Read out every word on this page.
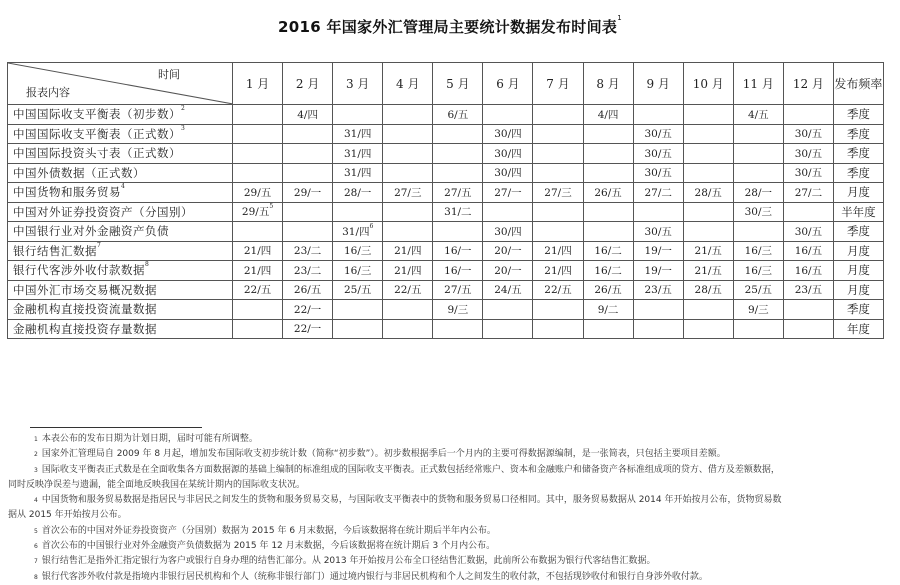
2016 年国家外汇管理局主要统计数据发布时间表$^1$
时间
报表内容	1 月	2 月	3 月	4 月	5 月	6 月	7 月	8 月	9 月	10 月	11 月	12 月	发布频率
中国国际收支平衡表（初步数）$^2$		4/四			6/五			4/四			4/五		季度
中国国际收支平衡表（正式数）$^3$			31/四			30/四			30/五			30/五	季度
中国国际投资头寸表（正式数）			31/四			30/四			30/五			30/五	季度
中国外债数据（正式数）			31/四			30/四			30/五			30/五	季度
中国货物和服务贸易$^4$	29/五	29/一	28/一	27/三	27/五	27/一	27/三	26/五	27/二	28/五	28/一	27/二	月度
中国对外证券投资资产（分国别）	29/五$^5$				31/二						30/三		半年度
中国银行业对外金融资产负债			31/四$^6$			30/四			30/五			30/五	季度
银行结售汇数据$^7$	21/四	23/二	16/三	21/四	16/一	20/一	21/四	16/二	19/一	21/五	16/三	16/五	月度
银行代客涉外收付款数据$^8$	21/四	23/二	16/三	21/四	16/一	20/一	21/四	16/二	19/一	21/五	16/三	16/五	月度
中国外汇市场交易概况数据	22/五	26/五	25/五	22/五	27/五	24/五	22/五	26/五	23/五	28/五	25/五	23/五	月度
金融机构直接投资流量数据		22/一			9/三			9/二			9/三		季度
金融机构直接投资存量数据		22/一											年度
$^1$ 本表公布的发布日期为计划日期，届时可能有所调整。
$^2$ 国家外汇管理局自 2009 年 8 月起，增加发布国际收支初步统计数（简称“初步数”）。初步数根据季后一个月内的主要可得数据源编制，是一张简表，只包括主要项目差额。
$^3$ 国际收支平衡表正式数是在全面收集各方面数据源的基础上编制的标准组成的国际收支平衡表。正式数包括经常账户、资本和金融账户和储备资产各标准组成项的贷方、借方及差额数据，
同时反映净误差与遗漏，能全面地反映我国在某统计期内的国际收支状况。
$^4$ 中国货物和服务贸易数据是指居民与非居民之间发生的货物和服务贸易交易，与国际收支平衡表中的货物和服务贸易口径相同。其中，服务贸易数据从 2014 年开始按月公布，货物贸易数
据从 2015 年开始按月公布。
$^5$ 首次公布的中国对外证券投资资产（分国别）数据为 2015 年 6 月末数据，今后该数据将在统计期后半年内公布。
$^6$ 首次公布的中国银行业对外金融资产负债数据为 2015 年 12 月末数据，今后该数据将在统计期后 3 个月内公布。
$^7$ 银行结售汇是指外汇指定银行为客户或银行自身办理的结售汇部分。从 2013 年开始按月公布全口径结售汇数据，此前所公布数据为银行代客结售汇数据。
$^8$ 银行代客涉外收付款是指境内非银行居民机构和个人（统称非银行部门）通过境内银行与非居民机构和个人之间发生的收付款，不包括现钞收付和银行自身涉外收付款。
